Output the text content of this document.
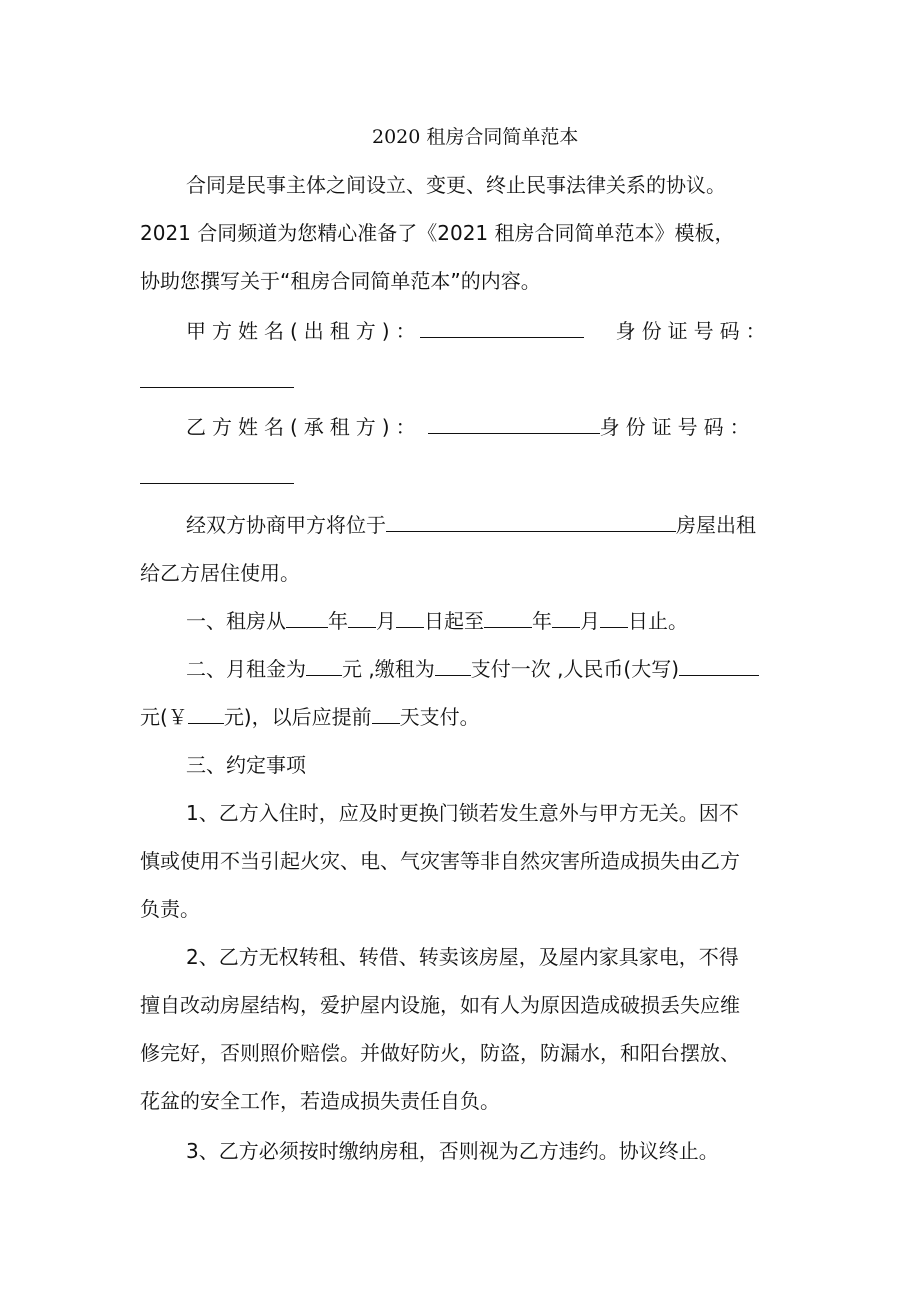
2020 租房合同简单范本
合同是民事主体之间设立、变更、终止民事法律关系的协议。
2021 合同频道为您精心准备了《2021 租房合同简单范本》模板，
协助您撰写关于“租房合同简单范本”的内容。
甲方姓名(出租方)：	身份证号码：
乙方姓名(承租方)：	身份证号码：
经双方协商甲方将位于	房屋出租
给乙方居住使用。
一、租房从 年 月 日起至 年 月 日止。
二、月租金为 元 ,缴租为 支付一次 ,人民币(大写)
元(￥ 元)，以后应提前 天支付。
三、约定事项
1、乙方入住时，应及时更换门锁若发生意外与甲方无关。因不
慎或使用不当引起火灾、电、气灾害等非自然灾害所造成损失由乙方
负责。
2、乙方无权转租、转借、转卖该房屋，及屋内家具家电，不得
擅自改动房屋结构，爱护屋内设施，如有人为原因造成破损丢失应维
修完好，否则照价赔偿。并做好防火，防盗，防漏水，和阳台摆放、
花盆的安全工作，若造成损失责任自负。
3、乙方必须按时缴纳房租，否则视为乙方违约。协议终止。
